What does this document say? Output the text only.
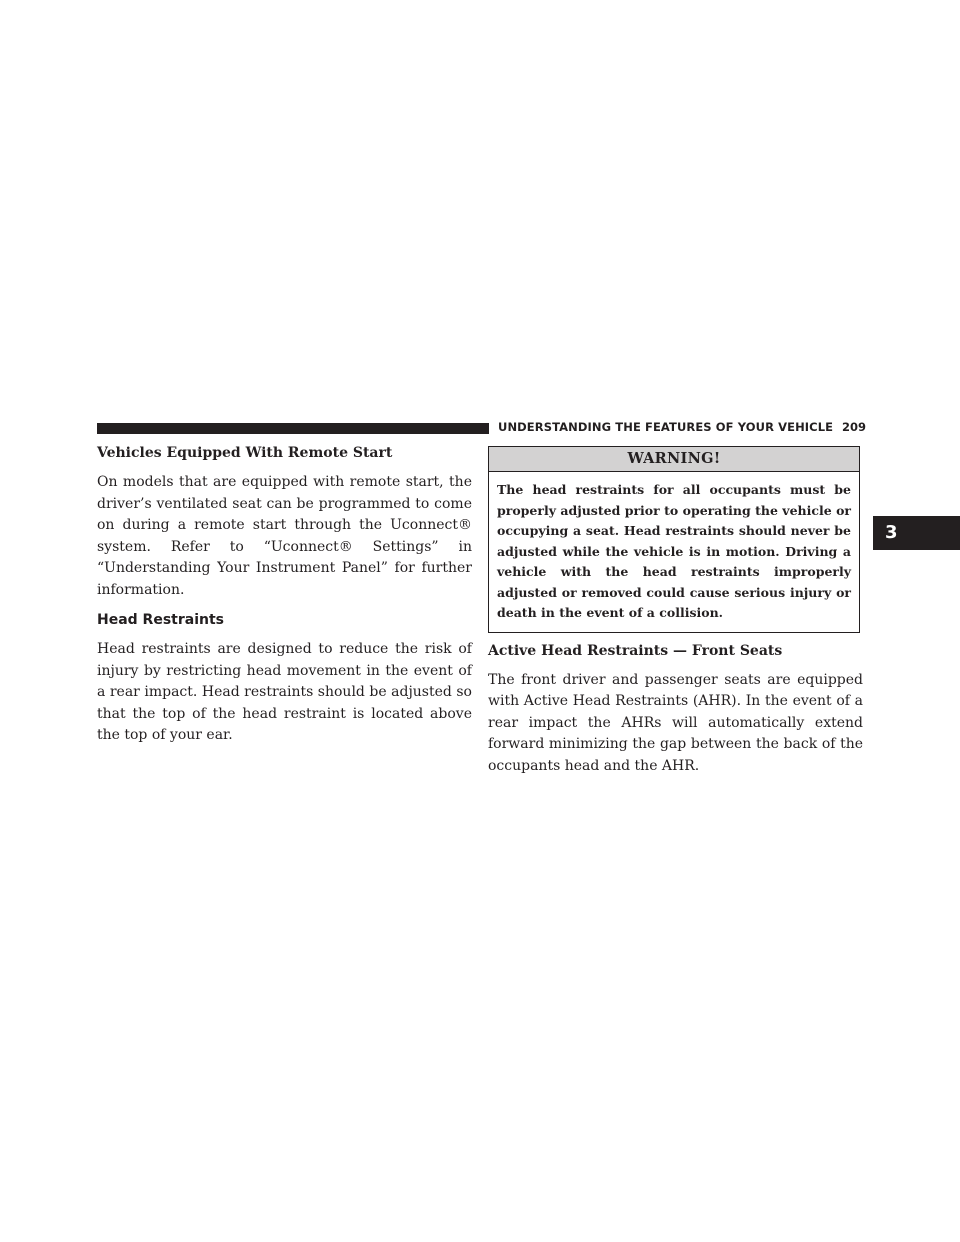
UNDERSTANDING THE FEATURES OF YOUR VEHICLE 209
3
Vehicles Equipped With Remote Start

On models that are equipped with remote start, the driver’s ventilated seat can be programmed to come on during a remote start through the Uconnect® system. Refer to “Uconnect® Settings” in “Understanding Your Instrument Panel” for further information.

Head Restraints

Head restraints are designed to reduce the risk of injury by restricting head movement in the event of a rear impact. Head restraints should be adjusted so that the top of the head restraint is located above the top of your ear.

WARNING!
The head restraints for all occupants must be properly adjusted prior to operating the vehicle or occupying a seat. Head restraints should never be adjusted while the vehicle is in motion. Driving a vehicle with the head restraints improperly adjusted or removed could cause serious injury or death in the event of a collision.
Active Head Restraints — Front Seats

The front driver and passenger seats are equipped with Active Head Restraints (AHR). In the event of a rear impact the AHRs will automatically extend forward minimizing the gap between the back of the occupants head and the AHR.
